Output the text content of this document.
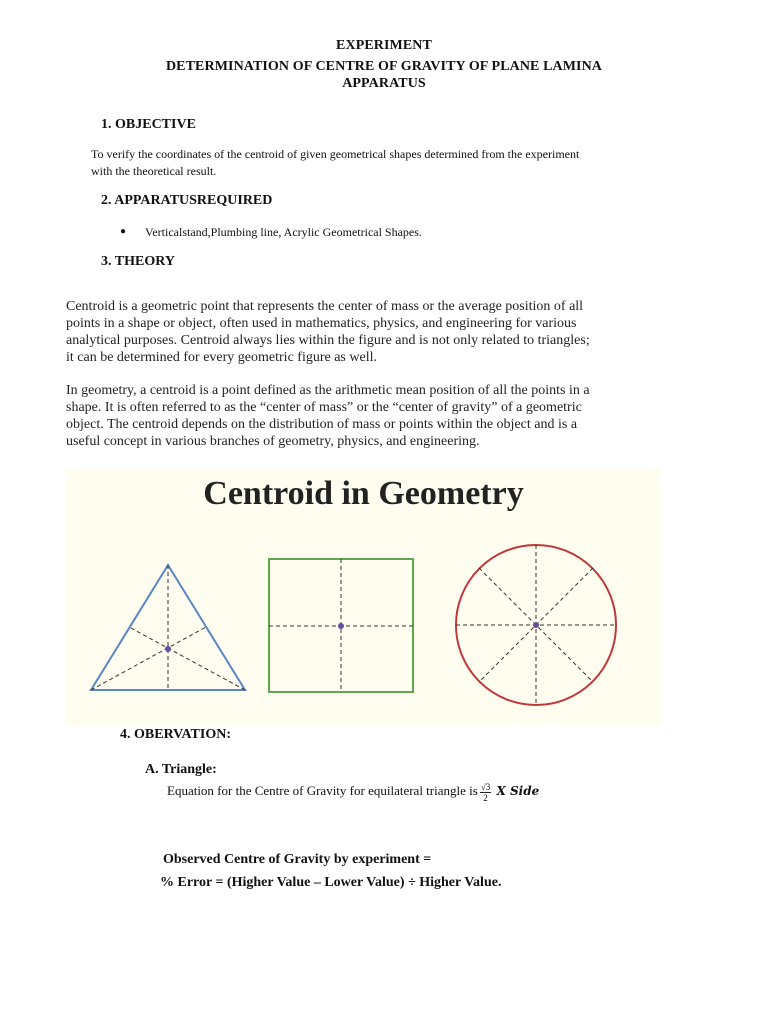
EXPERIMENT
DETERMINATION OF CENTRE OF GRAVITY OF PLANE LAMINA
APPARATUS
1. OBJECTIVE
To verify the coordinates of the centroid of given geometrical shapes determined from the experiment
with the theoretical result.
2. APPARATUSREQUIRED
● Verticalstand,Plumbing line, Acrylic Geometrical Shapes.
3. THEORY
Centroid is a geometric point that represents the center of mass or the average position of all
points in a shape or object, often used in mathematics, physics, and engineering for various
analytical purposes. Centroid always lies within the figure and is not only related to triangles;
it can be determined for every geometric figure as well.
In geometry, a centroid is a point defined as the arithmetic mean position of all the points in a
shape. It is often referred to as the “center of mass” or the “center of gravity” of a geometric
object. The centroid depends on the distribution of mass or points within the object and is a
useful concept in various branches of geometry, physics, and engineering.
Centroid in Geometry
4. OBERVATION:
A. Triangle:
Equation for the Centre of Gravity for equilateral triangle is $\frac{√3}{2}$ X Side
Observed Centre of Gravity by experiment =
% Error = (Higher Value – Lower Value) ÷ Higher Value.
